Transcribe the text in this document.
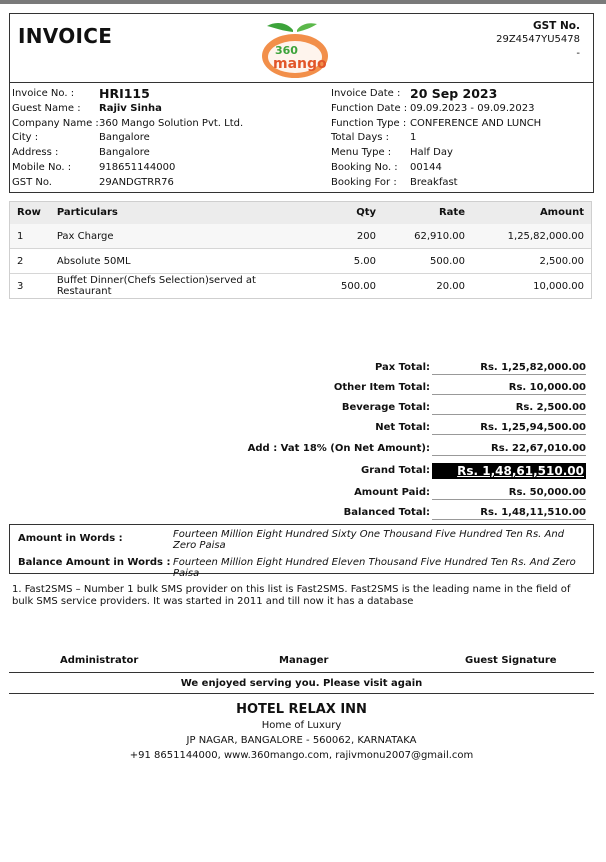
INVOICE
360
mango
GST No.
29Z4547YU5478
-
Invoice No. :	HRI115
Guest Name :	Rajiv Sinha
Company Name : 360 Mango Solution Pvt. Ltd.
City :	Bangalore
Address :	Bangalore
Mobile No. :	918651144000
GST No.	29ANDGTRR76
Invoice Date : 20 Sep 2023
Function Date : 09.09.2023 - 09.09.2023
Function Type : CONFERENCE AND LUNCH
Total Days :	1
Menu Type :	Half Day
Booking No. :	00144
Booking For :	Breakfast
Row	Particulars	Qty	Rate	Amount
1	Pax Charge	200	62,910.00	1,25,82,000.00
2	Absolute 50ML	5.00	500.00	2,500.00
3	Buffet Dinner(Chefs Selection)served at Restaurant	500.00	20.00	10,000.00
Pax Total:	Rs. 1,25,82,000.00
Other Item Total:	Rs. 10,000.00
Beverage Total:	Rs. 2,500.00
Net Total:	Rs. 1,25,94,500.00
Add : Vat 18% (On Net Amount):	Rs. 22,67,010.00
Grand Total:	Rs. 1,48,61,510.00
Amount Paid:	Rs. 50,000.00
Balanced Total:	Rs. 1,48,11,510.00
Amount in Words :	Fourteen Million Eight Hundred Sixty One Thousand Five Hundred Ten Rs. And Zero Paisa
Balance Amount in Words : Fourteen Million Eight Hundred Eleven Thousand Five Hundred Ten Rs. And Zero Paisa
1. Fast2SMS – Number 1 bulk SMS provider on this list is Fast2SMS. Fast2SMS is the leading name in the field of bulk SMS service providers. It was started in 2011 and till now it has a database
Administrator	Manager	Guest Signature
We enjoyed serving you. Please visit again
HOTEL RELAX INN
Home of Luxury
JP NAGAR, BANGALORE - 560062, KARNATAKA
+91 8651144000, www.360mango.com, rajivmonu2007@gmail.com
